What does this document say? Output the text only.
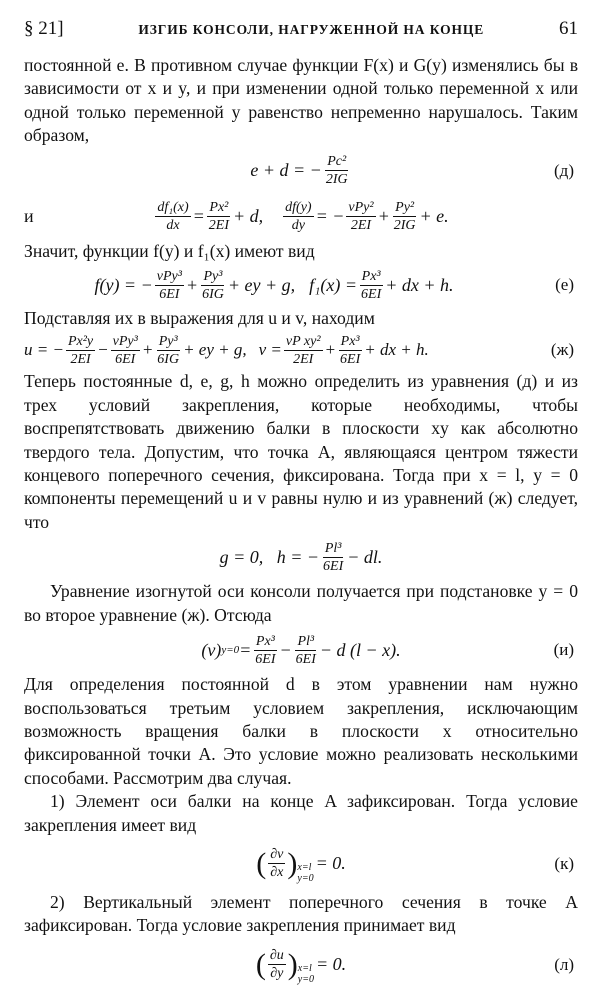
§ 21]	ИЗГИБ КОНСОЛИ, НАГРУЖЕННОЙ НА КОНЦЕ	61

постоянной e. В противном случае функции F(x) и G(y) изменялись бы в зависимости от x и y, и при изменении одной только переменной x или одной только переменной y равенство непременно нарушалось. Таким образом,

e + d = − $\frac{\text{Pc²}}{2IG}$	(д)
и	$\frac{\text{df₁(x)}}{dx} = \frac{\text{Px²}}{2EI} + d$, $\frac{df(y)}{dy}$ = − $\frac{\text{νPy²}}{2EI} + \frac{\text{Py²}}{2IG} + e$.

Значит, функции f(y) и f₁(x) имеют вид

f(y) = − $\frac{\text{νPy³}}{6EI} + \frac{\text{Py³}}{6IG}$ + ey + g, $f_1(x) = \frac{\text{Px³}}{6EI}$ + dx + h.	(е)

Подставляя их в выражения для u и v, находим

u = − $\frac{\text{Px²y}}{2EI} - \frac{\text{νPy³}}{6EI} + \frac{\text{Py³}}{6IG}$ + ey + g, $v = \frac{\text{νP xy²}}{2EI} + \frac{\text{Px³}}{6EI}$ + dx + h.	(ж)

Теперь постоянные d, e, g, h можно определить из уравнения (д) и из трех условий закрепления, которые необходимы, чтобы воспрепятствовать движению балки в плоскости xy как абсолютно твердого тела. Допустим, что точка A, являющаяся центром тяжести концевого поперечного сечения, фиксирована. Тогда при x = l, y = 0 компоненты перемещений u и v равны нулю и из уравнений (ж) следует, что

g = 0,   h = − $\frac{\text{Pl³}}{6EI}$ − dl.

Уравнение изогнутой оси консоли получается при подстановке y = 0 во второе уравнение (ж). Отсюда

(v) $y=0 = \frac{\text{Px³}}{6EI} - \frac{\text{Pl³}}{6EI} - d$ (l − x).	(и)

Для определения постоянной d в этом уравнении нам нужно воспользоваться третьим условием закрепления, исключающим возможность вращения балки в плоскости x относительно фиксированной точки A. Это условие можно реализовать несколькими способами. Рассмотрим два случая.

1) Элемент оси балки на конце A зафиксирован. Тогда условие закрепления имеет вид

( $\frac{\partial v}{\partial x}$ ) x=l
y=0
= 0.	(к)

2) Вертикальный элемент поперечного сечения в точке A зафиксирован. Тогда условие закрепления принимает вид

( $\frac{\partial u}{\partial y}$ ) x=l
y=0
= 0.	(л)
